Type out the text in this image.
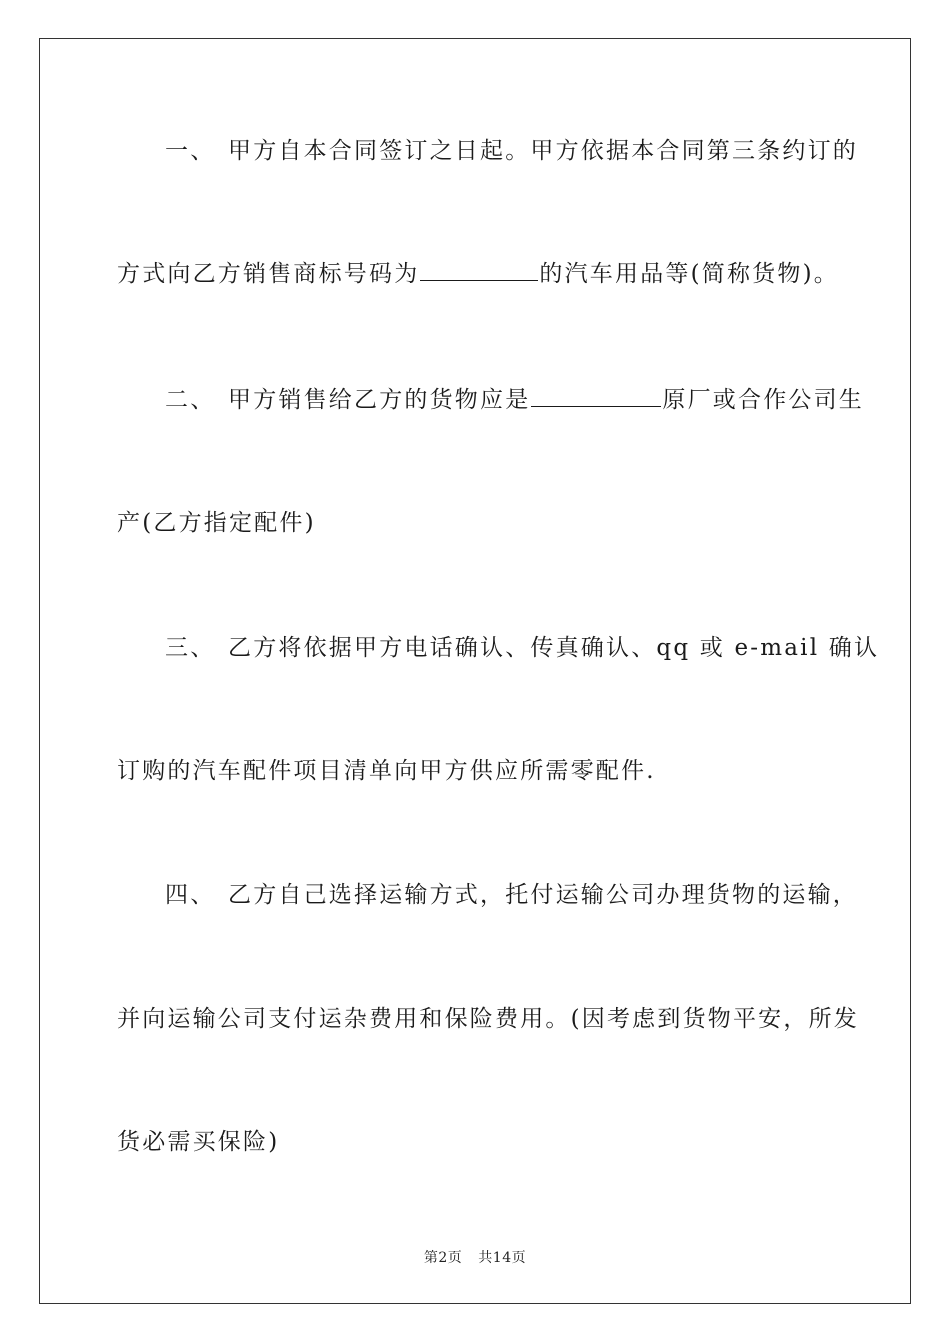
一、 甲方自本合同签订之日起。甲方依据本合同第三条约订的
方式向乙方销售商标号码为	的汽车用品等(简称货物)。
二、 甲方销售给乙方的货物应是	原厂或合作公司生
产(乙方指定配件)
三、 乙方将依据甲方电话确认、传真确认、qq 或 e-mail 确认
订购的汽车配件项目清单向甲方供应所需零配件.
四、 乙方自己选择运输方式，托付运输公司办理货物的运输，
并向运输公司支付运杂费用和保险费用。(因考虑到货物平安，所发
货必需买保险)
第2页 共14页
